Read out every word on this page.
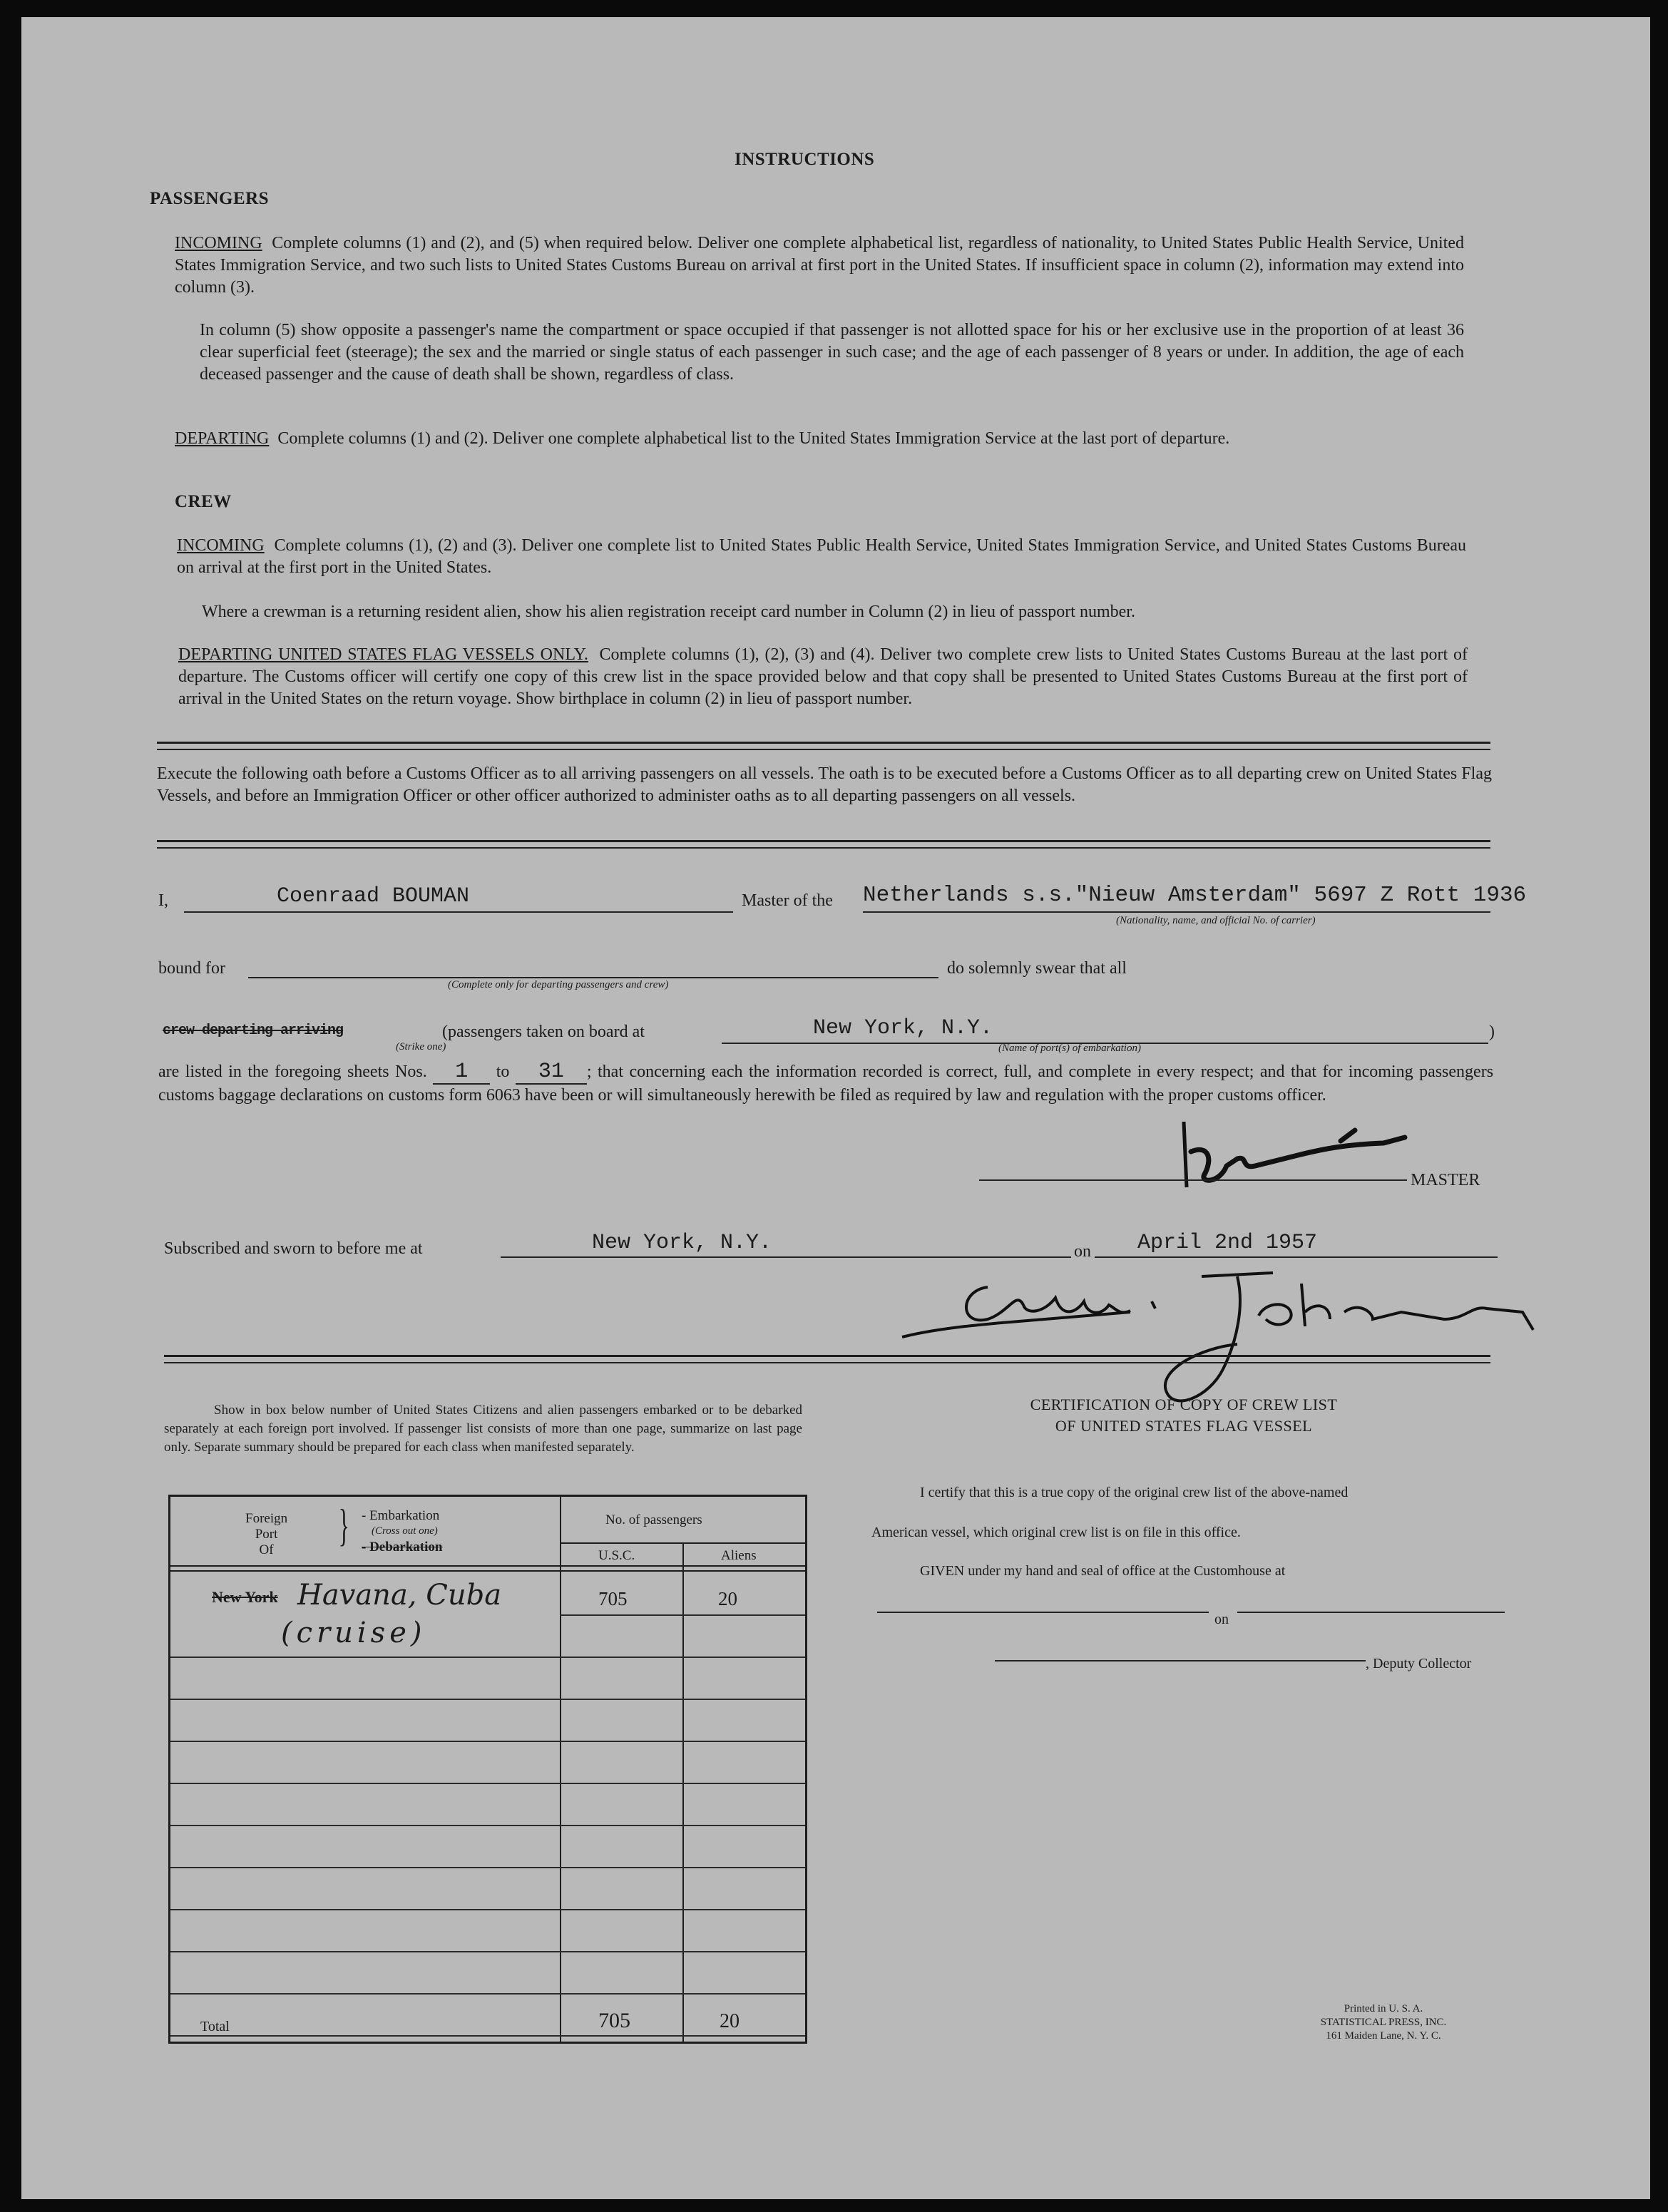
INSTRUCTIONS
PASSENGERS
INCOMING Complete columns (1) and (2), and (5) when required below. Deliver one complete alphabetical list, regardless of nationality, to United States Public Health Service, United States Immigration Service, and two such lists to United States Customs Bureau on arrival at first port in the United States. If insufficient space in column (2), information may extend into column (3).
In column (5) show opposite a passenger's name the compartment or space occupied if that passenger is not allotted space for his or her exclusive use in the proportion of at least 36 clear superficial feet (steerage); the sex and the married or single status of each passenger in such case; and the age of each passenger of 8 years or under. In addition, the age of each deceased passenger and the cause of death shall be shown, regardless of class.
DEPARTING Complete columns (1) and (2). Deliver one complete alphabetical list to the United States Immigration Service at the last port of departure.
CREW
INCOMING Complete columns (1), (2) and (3). Deliver one complete list to United States Public Health Service, United States Immigration Service, and United States Customs Bureau on arrival at the first port in the United States.
Where a crewman is a returning resident alien, show his alien registration receipt card number in Column (2) in lieu of passport number.
DEPARTING UNITED STATES FLAG VESSELS ONLY. Complete columns (1), (2), (3) and (4). Deliver two complete crew lists to United States Customs Bureau at the last port of departure. The Customs officer will certify one copy of this crew list in the space provided below and that copy shall be presented to United States Customs Bureau at the first port of arrival in the United States on the return voyage. Show birthplace in column (2) in lieu of passport number.
Execute the following oath before a Customs Officer as to all arriving passengers on all vessels. The oath is to be executed before a Customs Officer as to all departing crew on United States Flag Vessels, and before an Immigration Officer or other officer authorized to administer oaths as to all departing passengers on all vessels.
I,	Coenraad BOUMAN	Master of the Netherlands s.s."Nieuw Amsterdam" 5697 Z Rott 1936
(Nationality, name, and official No. of carrier)
bound for
(Complete only for departing passengers and crew)
do solemnly swear that all
crew departing arriving
(Strike one)
(passengers taken on board at	New York, N.Y.
(Name of port(s) of embarkation)
)
are listed in the foregoing sheets Nos. 1 to 31 ; that concerning each the information recorded is correct, full, and complete in every respect; and that for incoming passengers customs baggage declarations on customs form 6063 have been or will simultaneously herewith be filed as required by law and regulation with the proper customs officer.
MASTER
Subscribed and sworn to before me at	New York, N.Y.	on April 2nd 1957
Show in box below number of United States Citizens and alien passengers embarked or to be debarked separately at each foreign port involved. If passenger list consists of more than one page, summarize on last page only. Separate summary should be prepared for each class when manifested separately.
Foreign
Port
Of	} - Embarkation
(Cross out one)
- Debarkation
No. of passengers
U.S.C.	Aliens
New York Havana, Cuba
(cruise)
705	20
Total	705	20
CERTIFICATION OF COPY OF CREW LIST
OF UNITED STATES FLAG VESSEL
I certify that this is a true copy of the original crew list of the above-named
American vessel, which original crew list is on file in this office.
GIVEN under my hand and seal of office at the Customhouse at
on
, Deputy Collector
Printed in U. S. A.
STATISTICAL PRESS, INC.
161 Maiden Lane, N. Y. C.
